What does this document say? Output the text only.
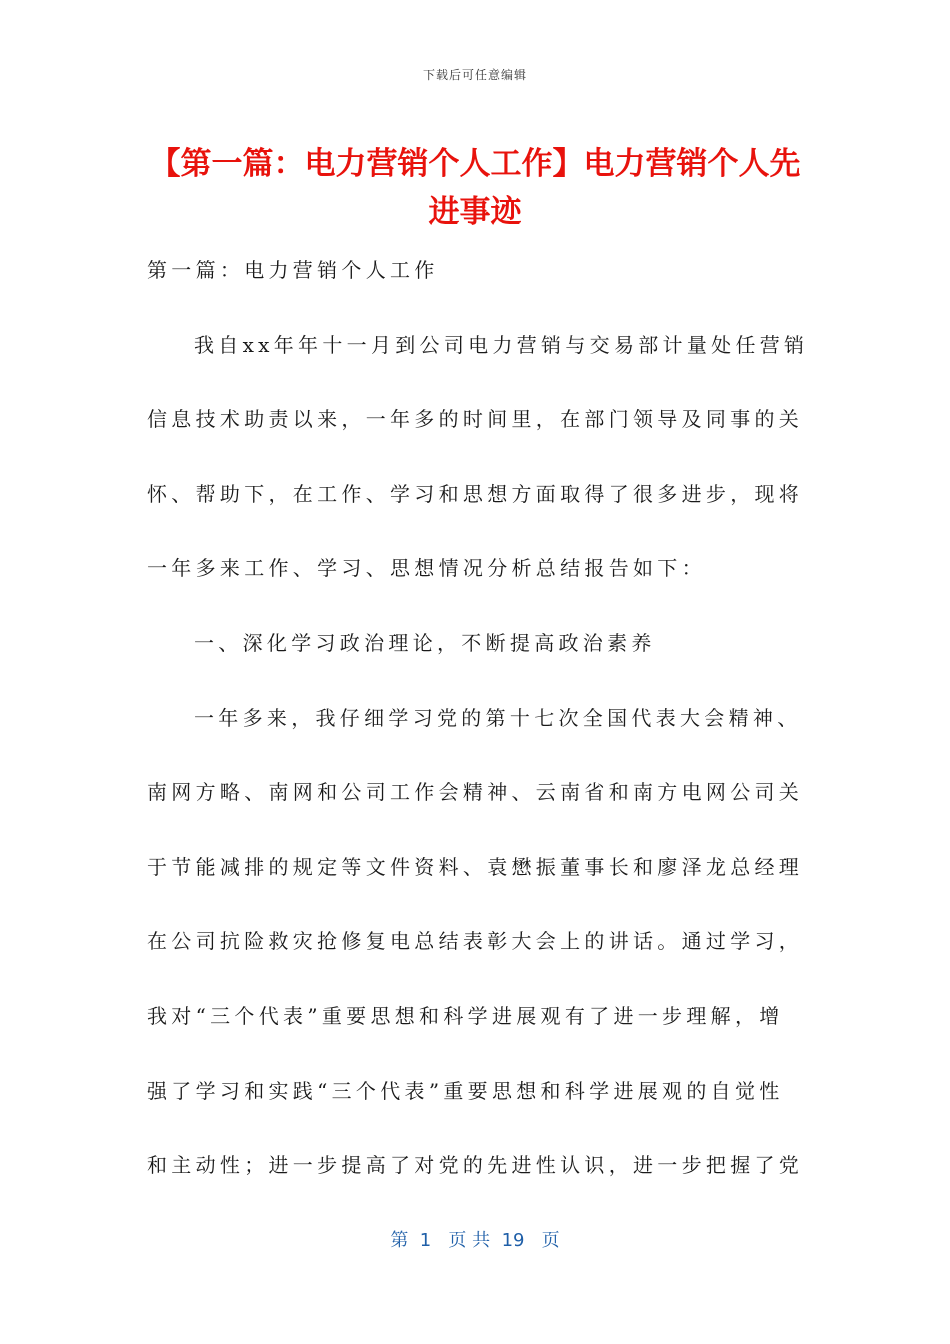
下载后可任意编辑
【第一篇：电力营销个人工作】电力营销个人先进事迹
第一篇：电力营销个人工作
我自xx年年十一月到公司电力营销与交易部计量处任营销
信息技术助责以来，一年多的时间里，在部门领导及同事的关
怀、帮助下，在工作、学习和思想方面取得了很多进步，现将
一年多来工作、学习、思想情况分析总结报告如下：
一、深化学习政治理论，不断提高政治素养
一年多来，我仔细学习党的第十七次全国代表大会精神、
南网方略、南网和公司工作会精神、云南省和南方电网公司关
于节能减排的规定等文件资料、袁懋振董事长和廖泽龙总经理
在公司抗险救灾抢修复电总结表彰大会上的讲话。通过学习，
我对“三个代表”重要思想和科学进展观有了进一步理解，增
强了学习和实践“三个代表”重要思想和科学进展观的自觉性
和主动性；进一步提高了对党的先进性认识，进一步把握了党
第  1   页 共  19   页
